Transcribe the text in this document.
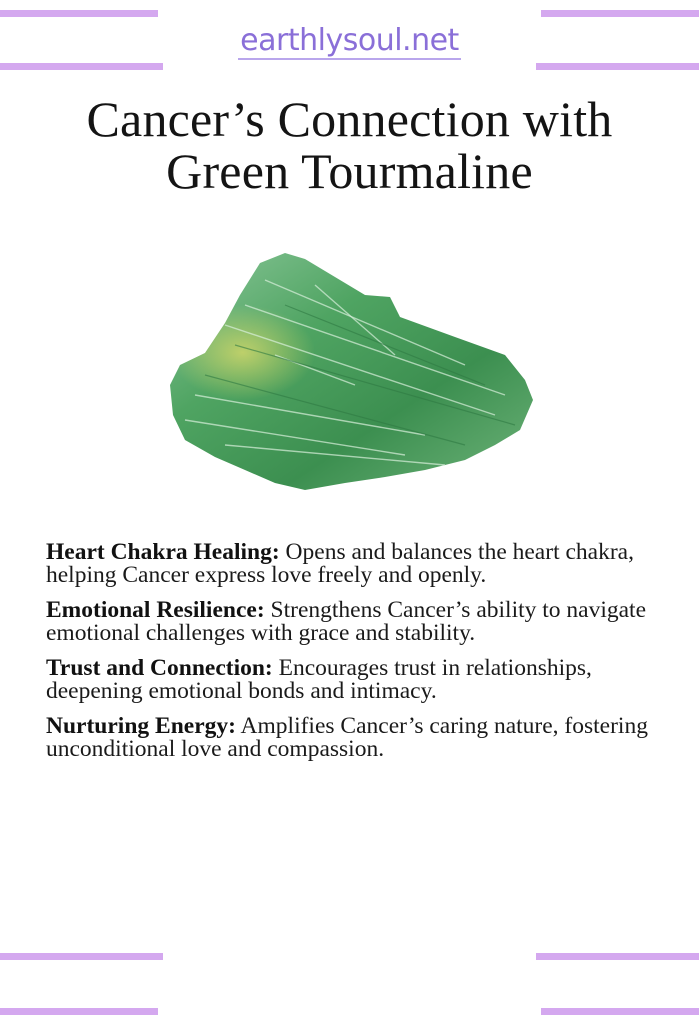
earthlysoul.net
Cancer’s Connection with
Green Tourmaline

Heart Chakra Healing: Opens and balances the heart chakra, helping Cancer express love freely and openly.

Emotional Resilience: Strengthens Cancer’s ability to navigate emotional challenges with grace and stability.

Trust and Connection: Encourages trust in relationships, deepening emotional bonds and intimacy.

Nurturing Energy: Amplifies Cancer’s caring nature, fostering unconditional love and compassion.
